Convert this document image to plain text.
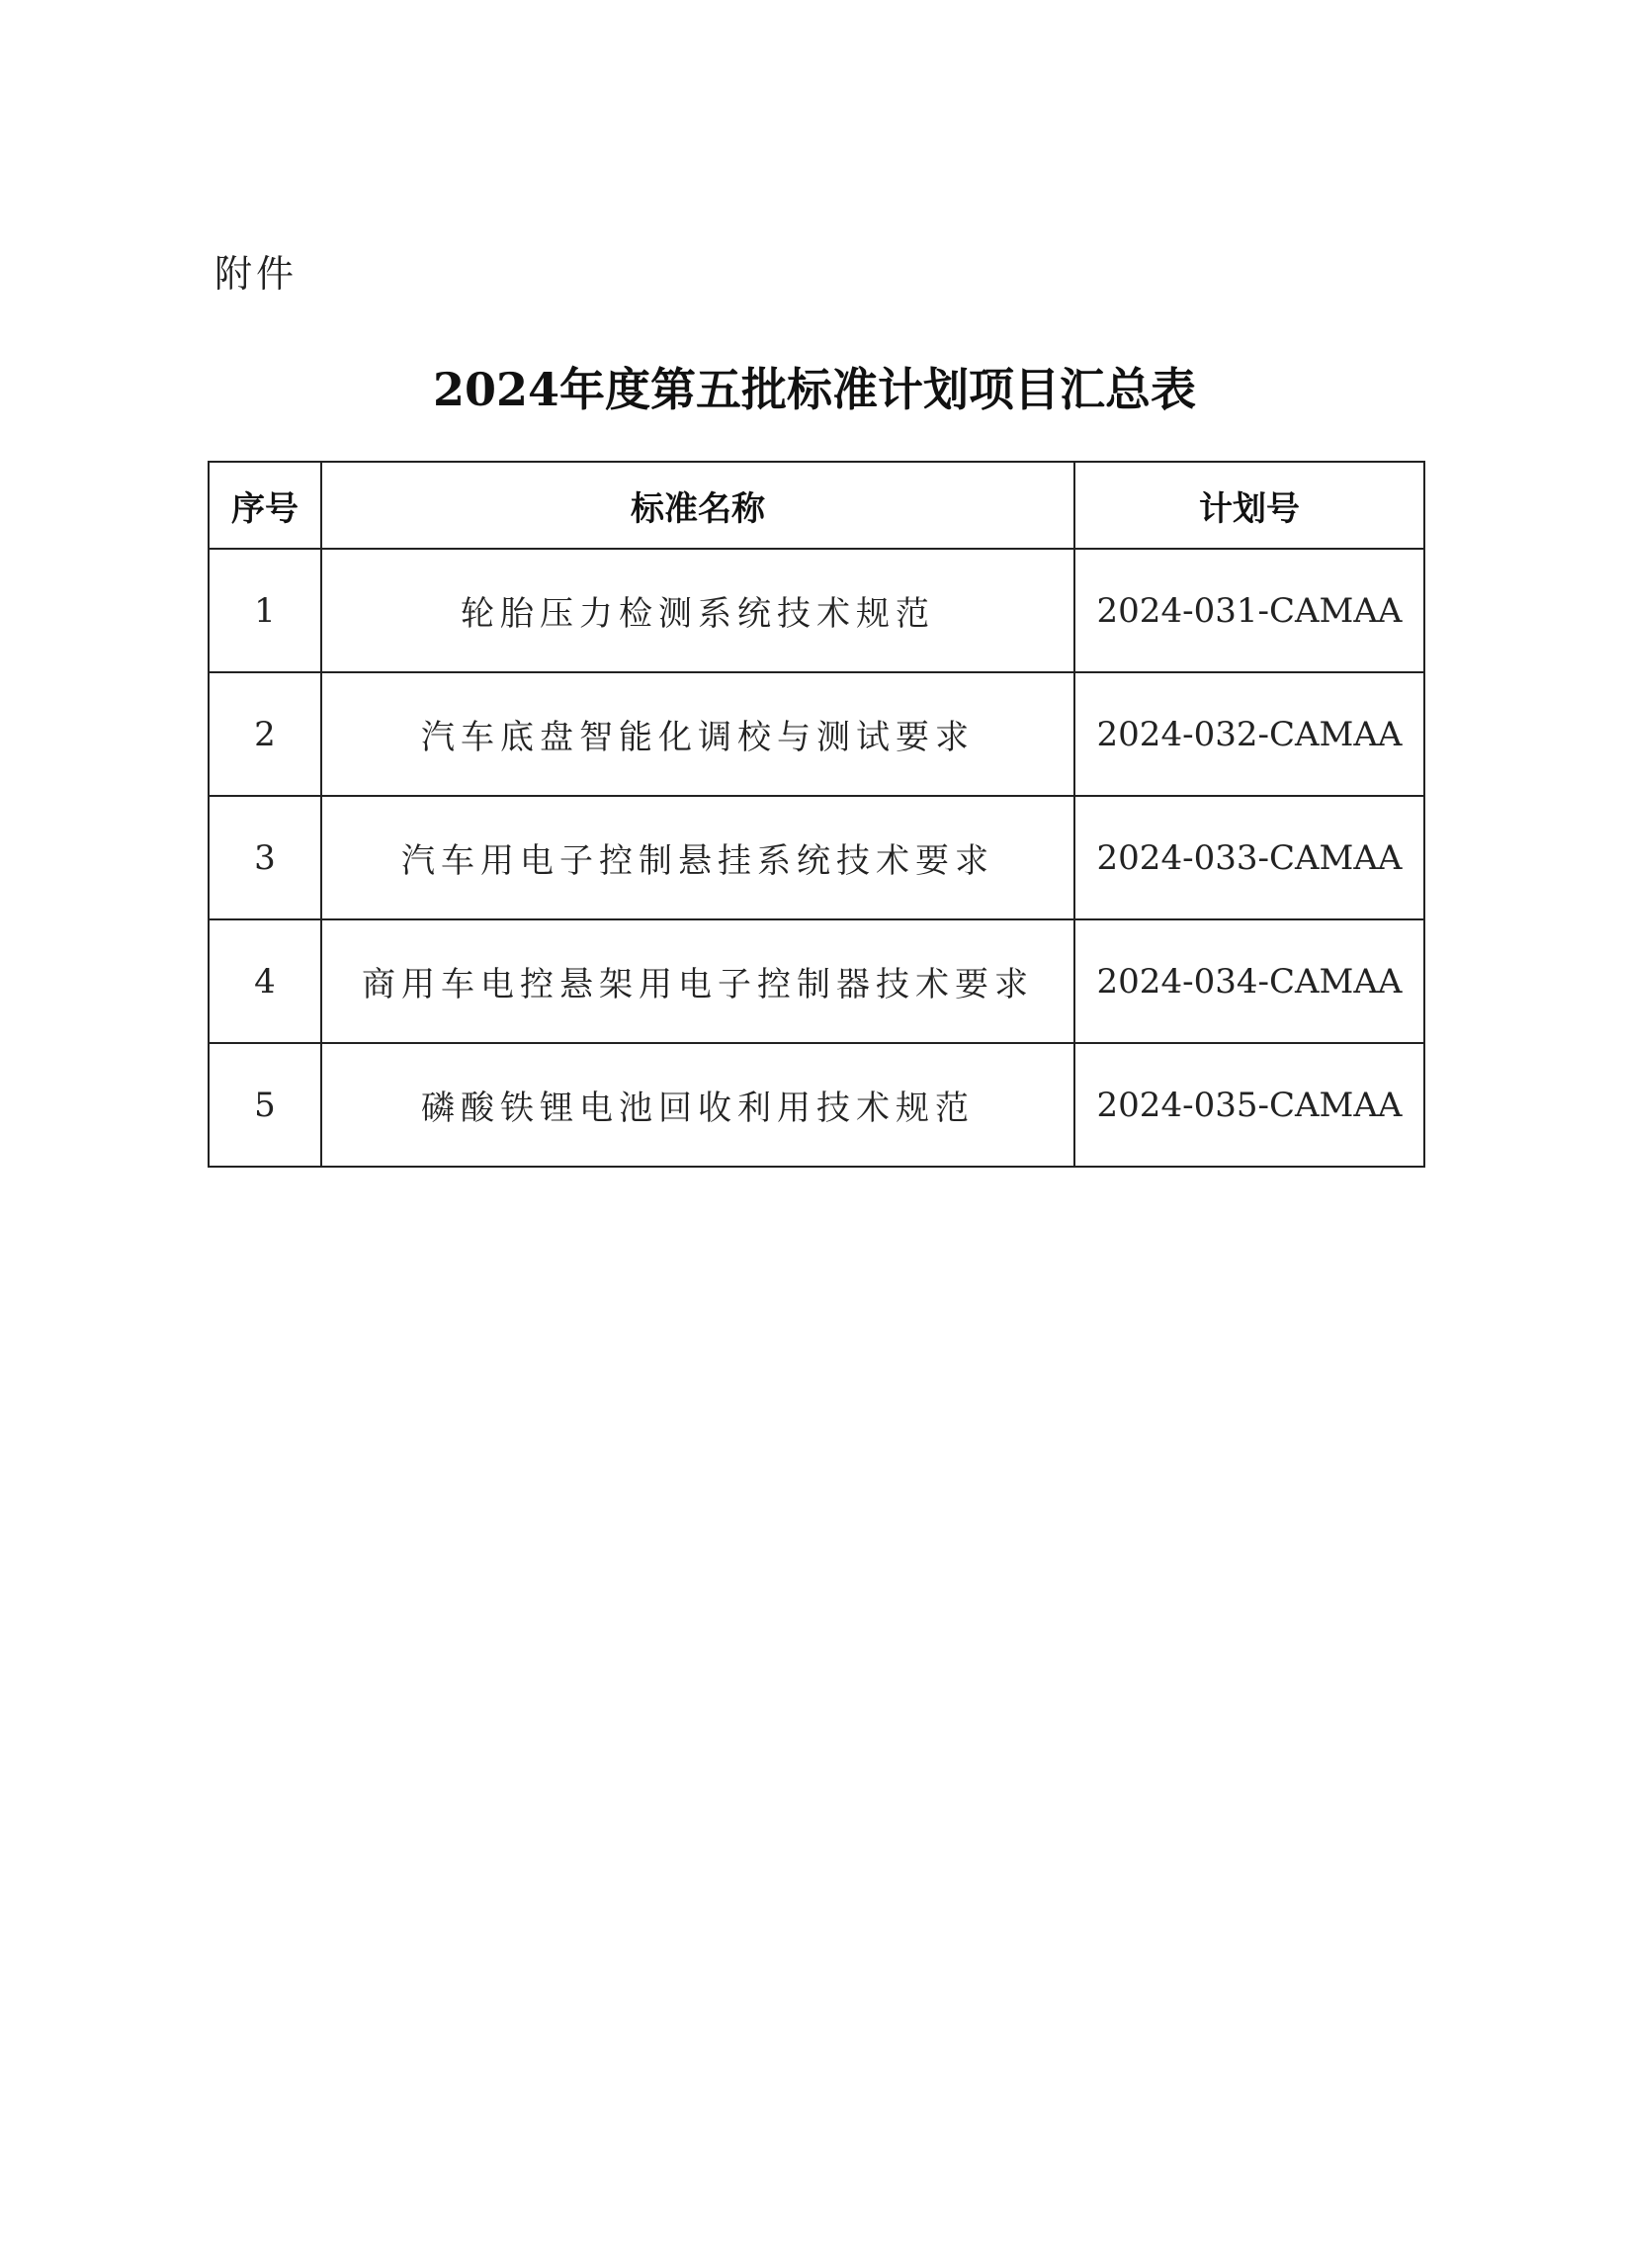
附件
2024年度第五批标准计划项目汇总表
序号	标准名称	计划号
1	轮胎压力检测系统技术规范	2024-031-CAMAA
2	汽车底盘智能化调校与测试要求	2024-032-CAMAA
3	汽车用电子控制悬挂系统技术要求	2024-033-CAMAA
4	商用车电控悬架用电子控制器技术要求	2024-034-CAMAA
5	磷酸铁锂电池回收利用技术规范	2024-035-CAMAA
